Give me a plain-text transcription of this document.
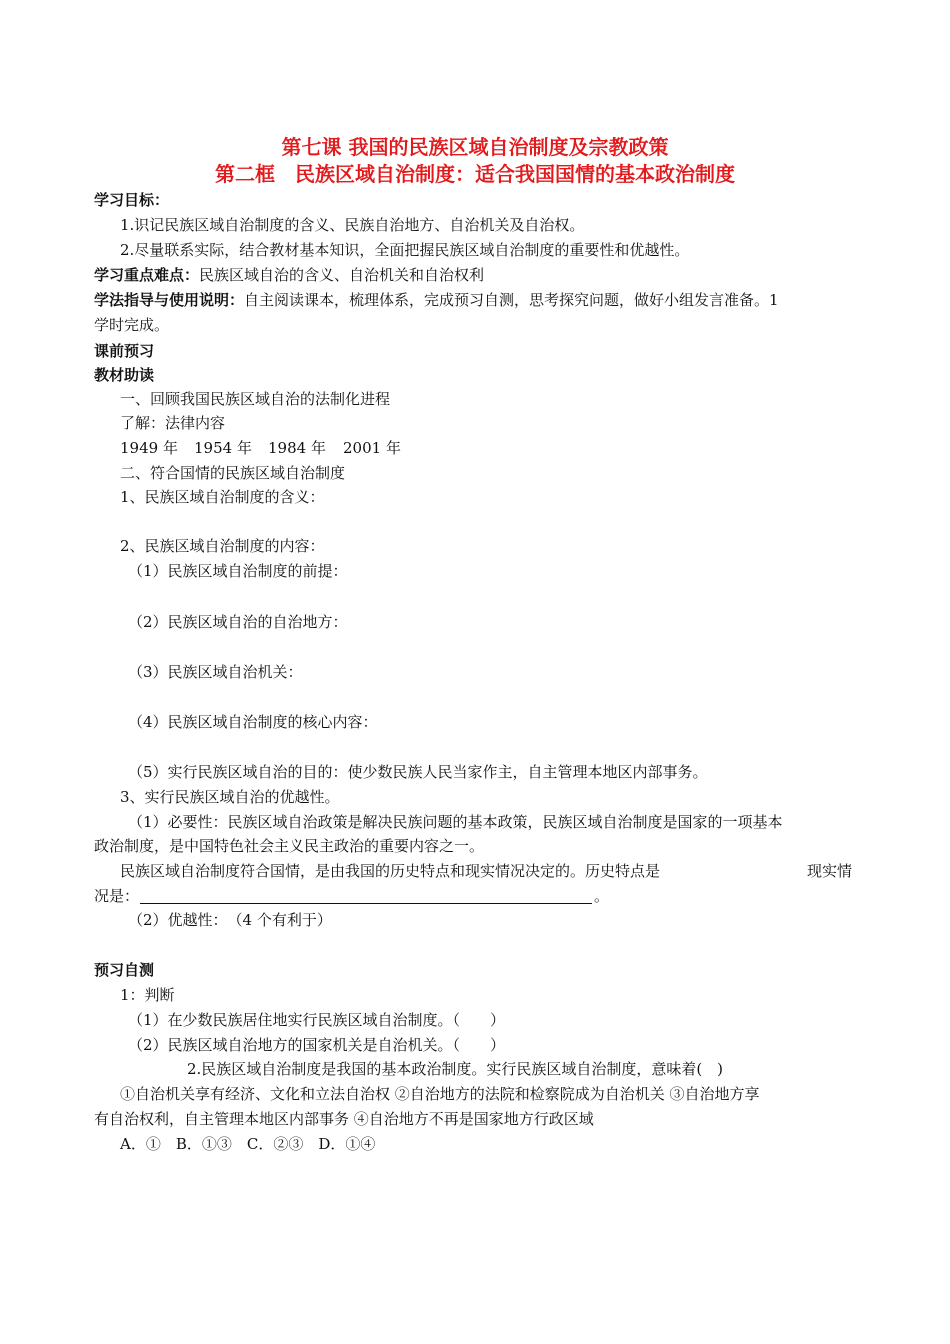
第七课 我国的民族区域自治制度及宗教政策
第二框　民族区域自治制度：适合我国国情的基本政治制度
学习目标：
1.识记民族区域自治制度的含义、民族自治地方、自治机关及自治权。
2.尽量联系实际，结合教材基本知识，全面把握民族区域自治制度的重要性和优越性。
学习重点难点：民族区域自治的含义、自治机关和自治权利
学法指导与使用说明：自主阅读课本，梳理体系，完成预习自测，思考探究问题，做好小组发言准备。1
学时完成。
课前预习
教材助读
一、回顾我国民族区域自治的法制化进程
了解：法律内容
1949 年 1954 年 1984 年 2001 年
二、符合国情的民族区域自治制度
1、民族区域自治制度的含义：
2、民族区域自治制度的内容：
（1）民族区域自治制度的前提：
（2）民族区域自治的自治地方：
（3）民族区域自治机关：
（4）民族区域自治制度的核心内容：
（5）实行民族区域自治的目的：使少数民族人民当家作主，自主管理本地区内部事务。
3、实行民族区域自治的优越性。
（1）必要性：民族区域自治政策是解决民族问题的基本政策，民族区域自治制度是国家的一项基本
政治制度，是中国特色社会主义民主政治的重要内容之一。
民族区域自治制度符合国情，是由我国的历史特点和现实情况决定的。历史特点是	现实情
况是：	。
（2）优越性：　（4 个有利于）
预习自测
1：判断
（1）在少数民族居住地实行民族区域自治制度。（　　）
（2）民族区域自治地方的国家机关是自治机关。（　　）
2.民族区域自治制度是我国的基本政治制度。实行民族区域自治制度，意味着(　)
①自治机关享有经济、文化和立法自治权 ②自治地方的法院和检察院成为自治机关 ③自治地方享
有自治权利，自主管理本地区内部事务 ④自治地方不再是国家地方行政区域
A．①　B．①③　C．②③　D．①④
